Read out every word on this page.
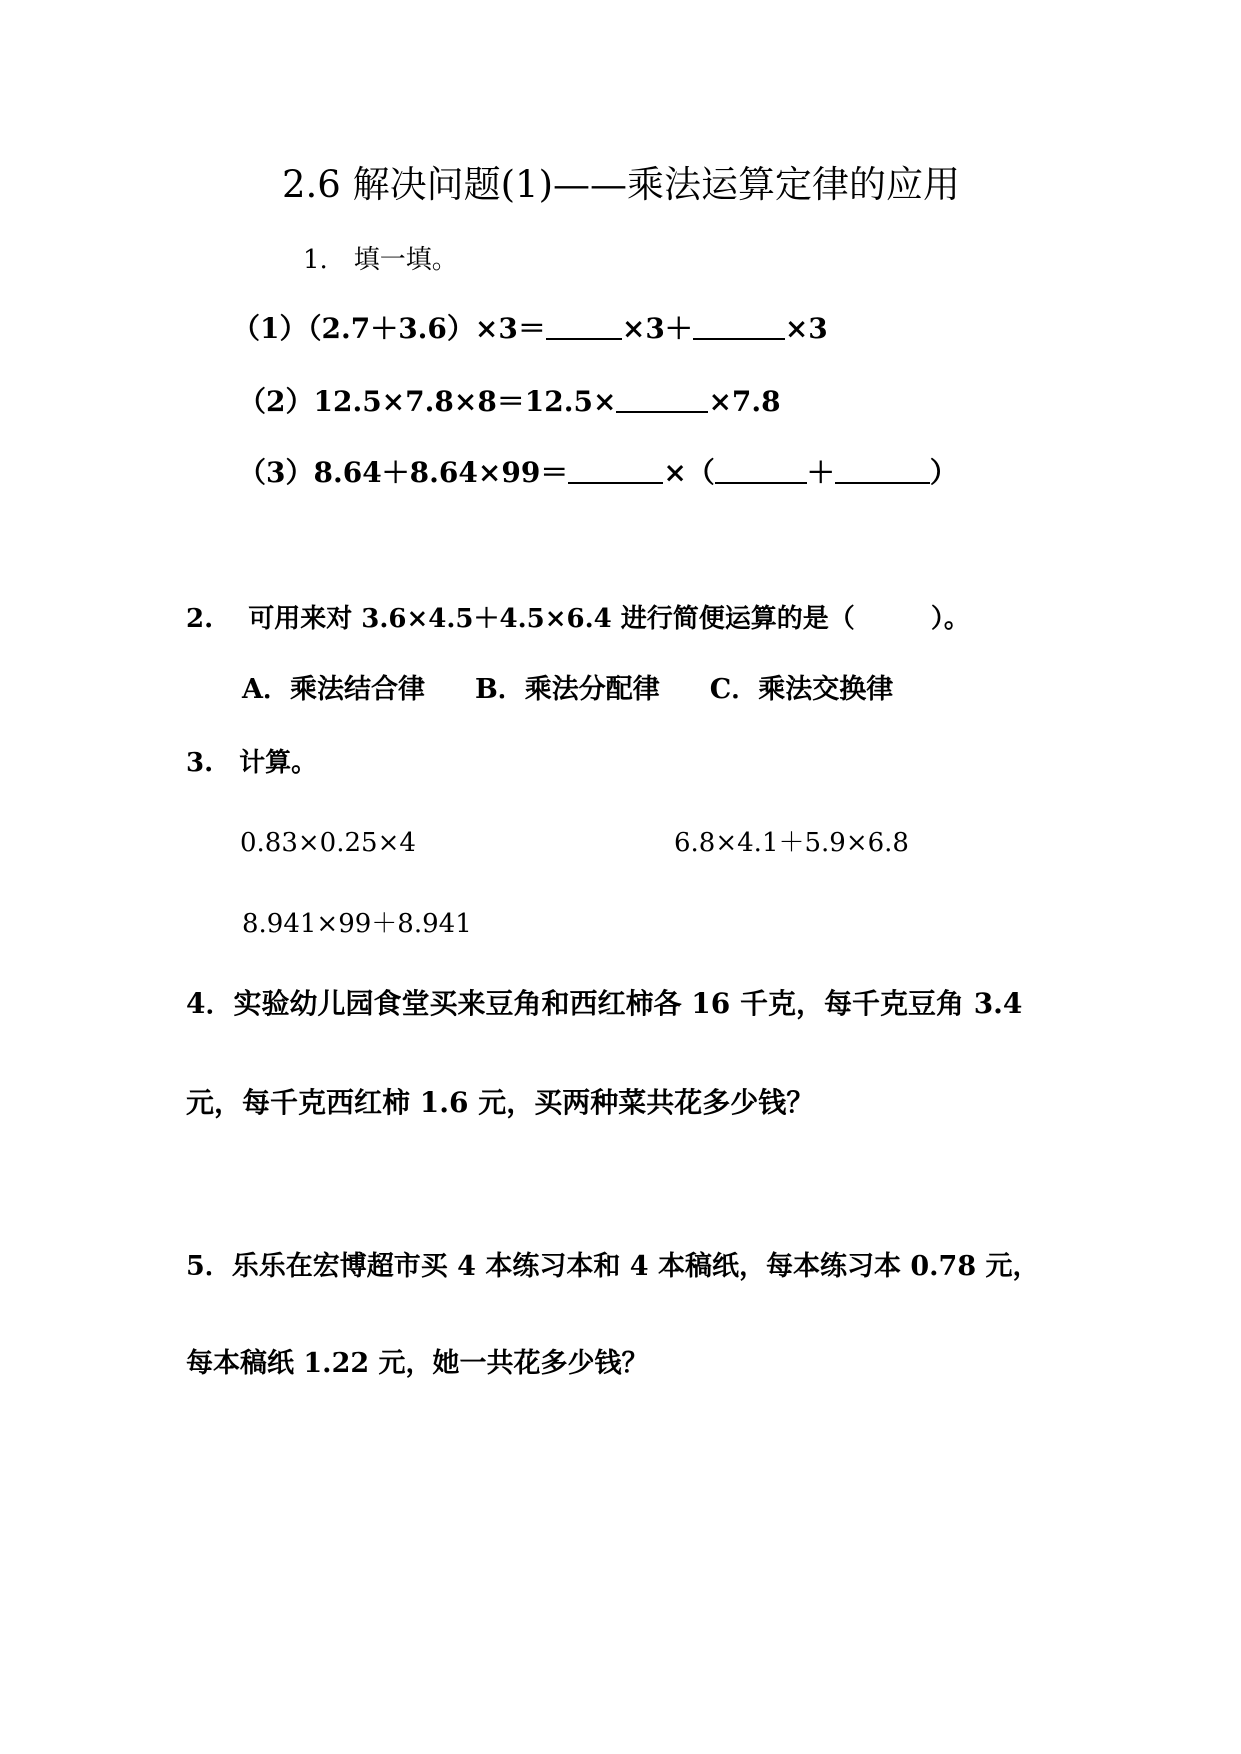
2.6 解决问题(1)——乘法运算定律的应用
1.　填一填。
（1）（2.7＋3.6）×3＝	×3＋	×3
（2）12.5×7.8×8＝12.5×	×7.8
（3）8.64＋8.64×99＝	×（	＋	）
2.　 可用来对 3.6×4.5＋4.5×6.4 进行简便运算的是（	）。
A．乘法结合律 B．乘法分配律 C．乘法交换律
3.　计算。
0.83×0.25×4	6.8×4.1＋5.9×6.8
8.941×99＋8.941
4．实验幼儿园食堂买来豆角和西红柿各 16 千克，每千克豆角 3.4
元，每千克西红柿 1.6 元，买两种菜共花多少钱？
5．乐乐在宏博超市买 4 本练习本和 4 本稿纸，每本练习本 0.78 元，
每本稿纸 1.22 元，她一共花多少钱？
